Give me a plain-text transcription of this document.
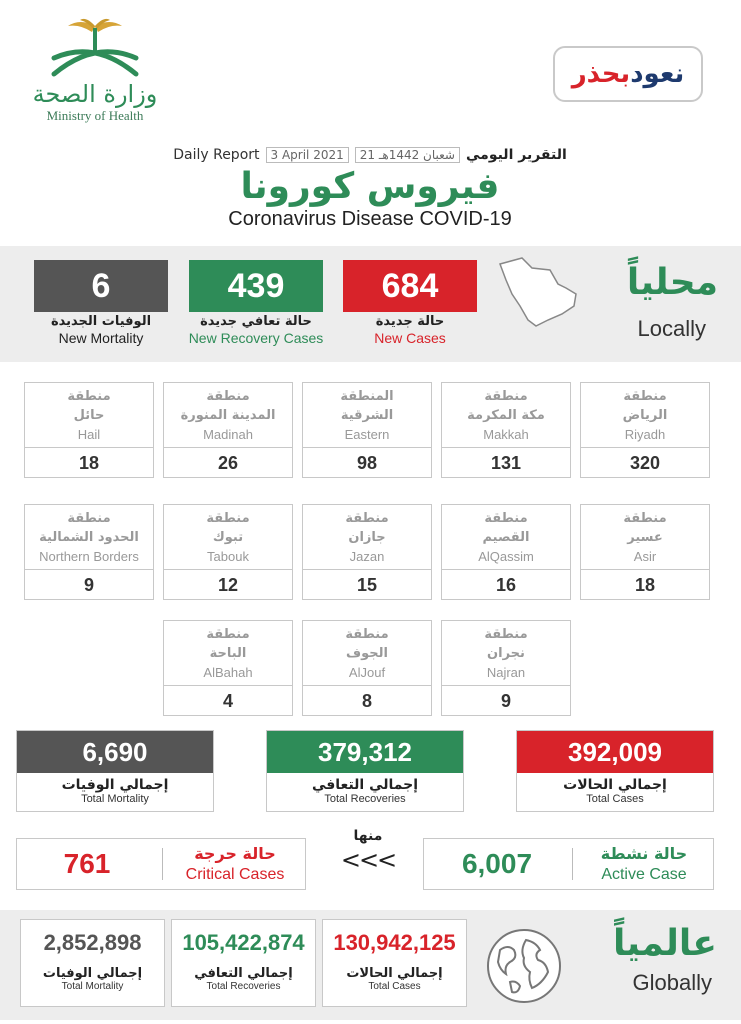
وزارة الصحة
Ministry of Health
نعود
بحذر
Daily Report 3 April 2021	21 شعبان 1442هـ التقرير اليومي
فيروس كورونا
Coronavirus Disease COVID-19
6
الوفيات الجديدة
New Mortality
439
حالة تعافي جديدة
New Recovery Cases
684
حالة جديدة
New Cases
محلياً
Locally
منطقة
الرياض
Riyadh
320
منطقة
مكة المكرمة
Makkah
131
المنطقة
الشرقية
Eastern
98
منطقة
المدينة المنورة
Madinah
26
منطقة
حائل
Hail
18
منطقة
عسير
Asir
18
منطقة
القصيم
AlQassim
16
منطقة
جازان
Jazan
15
منطقة
تبوك
Tabouk
12
منطقة
الحدود الشمالية
Northern Borders
9
منطقة
نجران
Najran
9
منطقة
الجوف
AlJouf
8
منطقة
الباحة
AlBahah
4
392,009
إجمالي الحالات
Total Cases
379,312
إجمالي التعافي
Total Recoveries
6,690
إجمالي الوفيات
Total Mortality
761	حالة حرجة
Critical Cases
منها
<<<	6,007	حالة نشطة
Active Case
130,942,125
إجمالي الحالات
Total Cases
105,422,874
إجمالي التعافي
Total Recoveries
2,852,898
إجمالي الوفيات
Total Mortality
عالمياً
Globally
